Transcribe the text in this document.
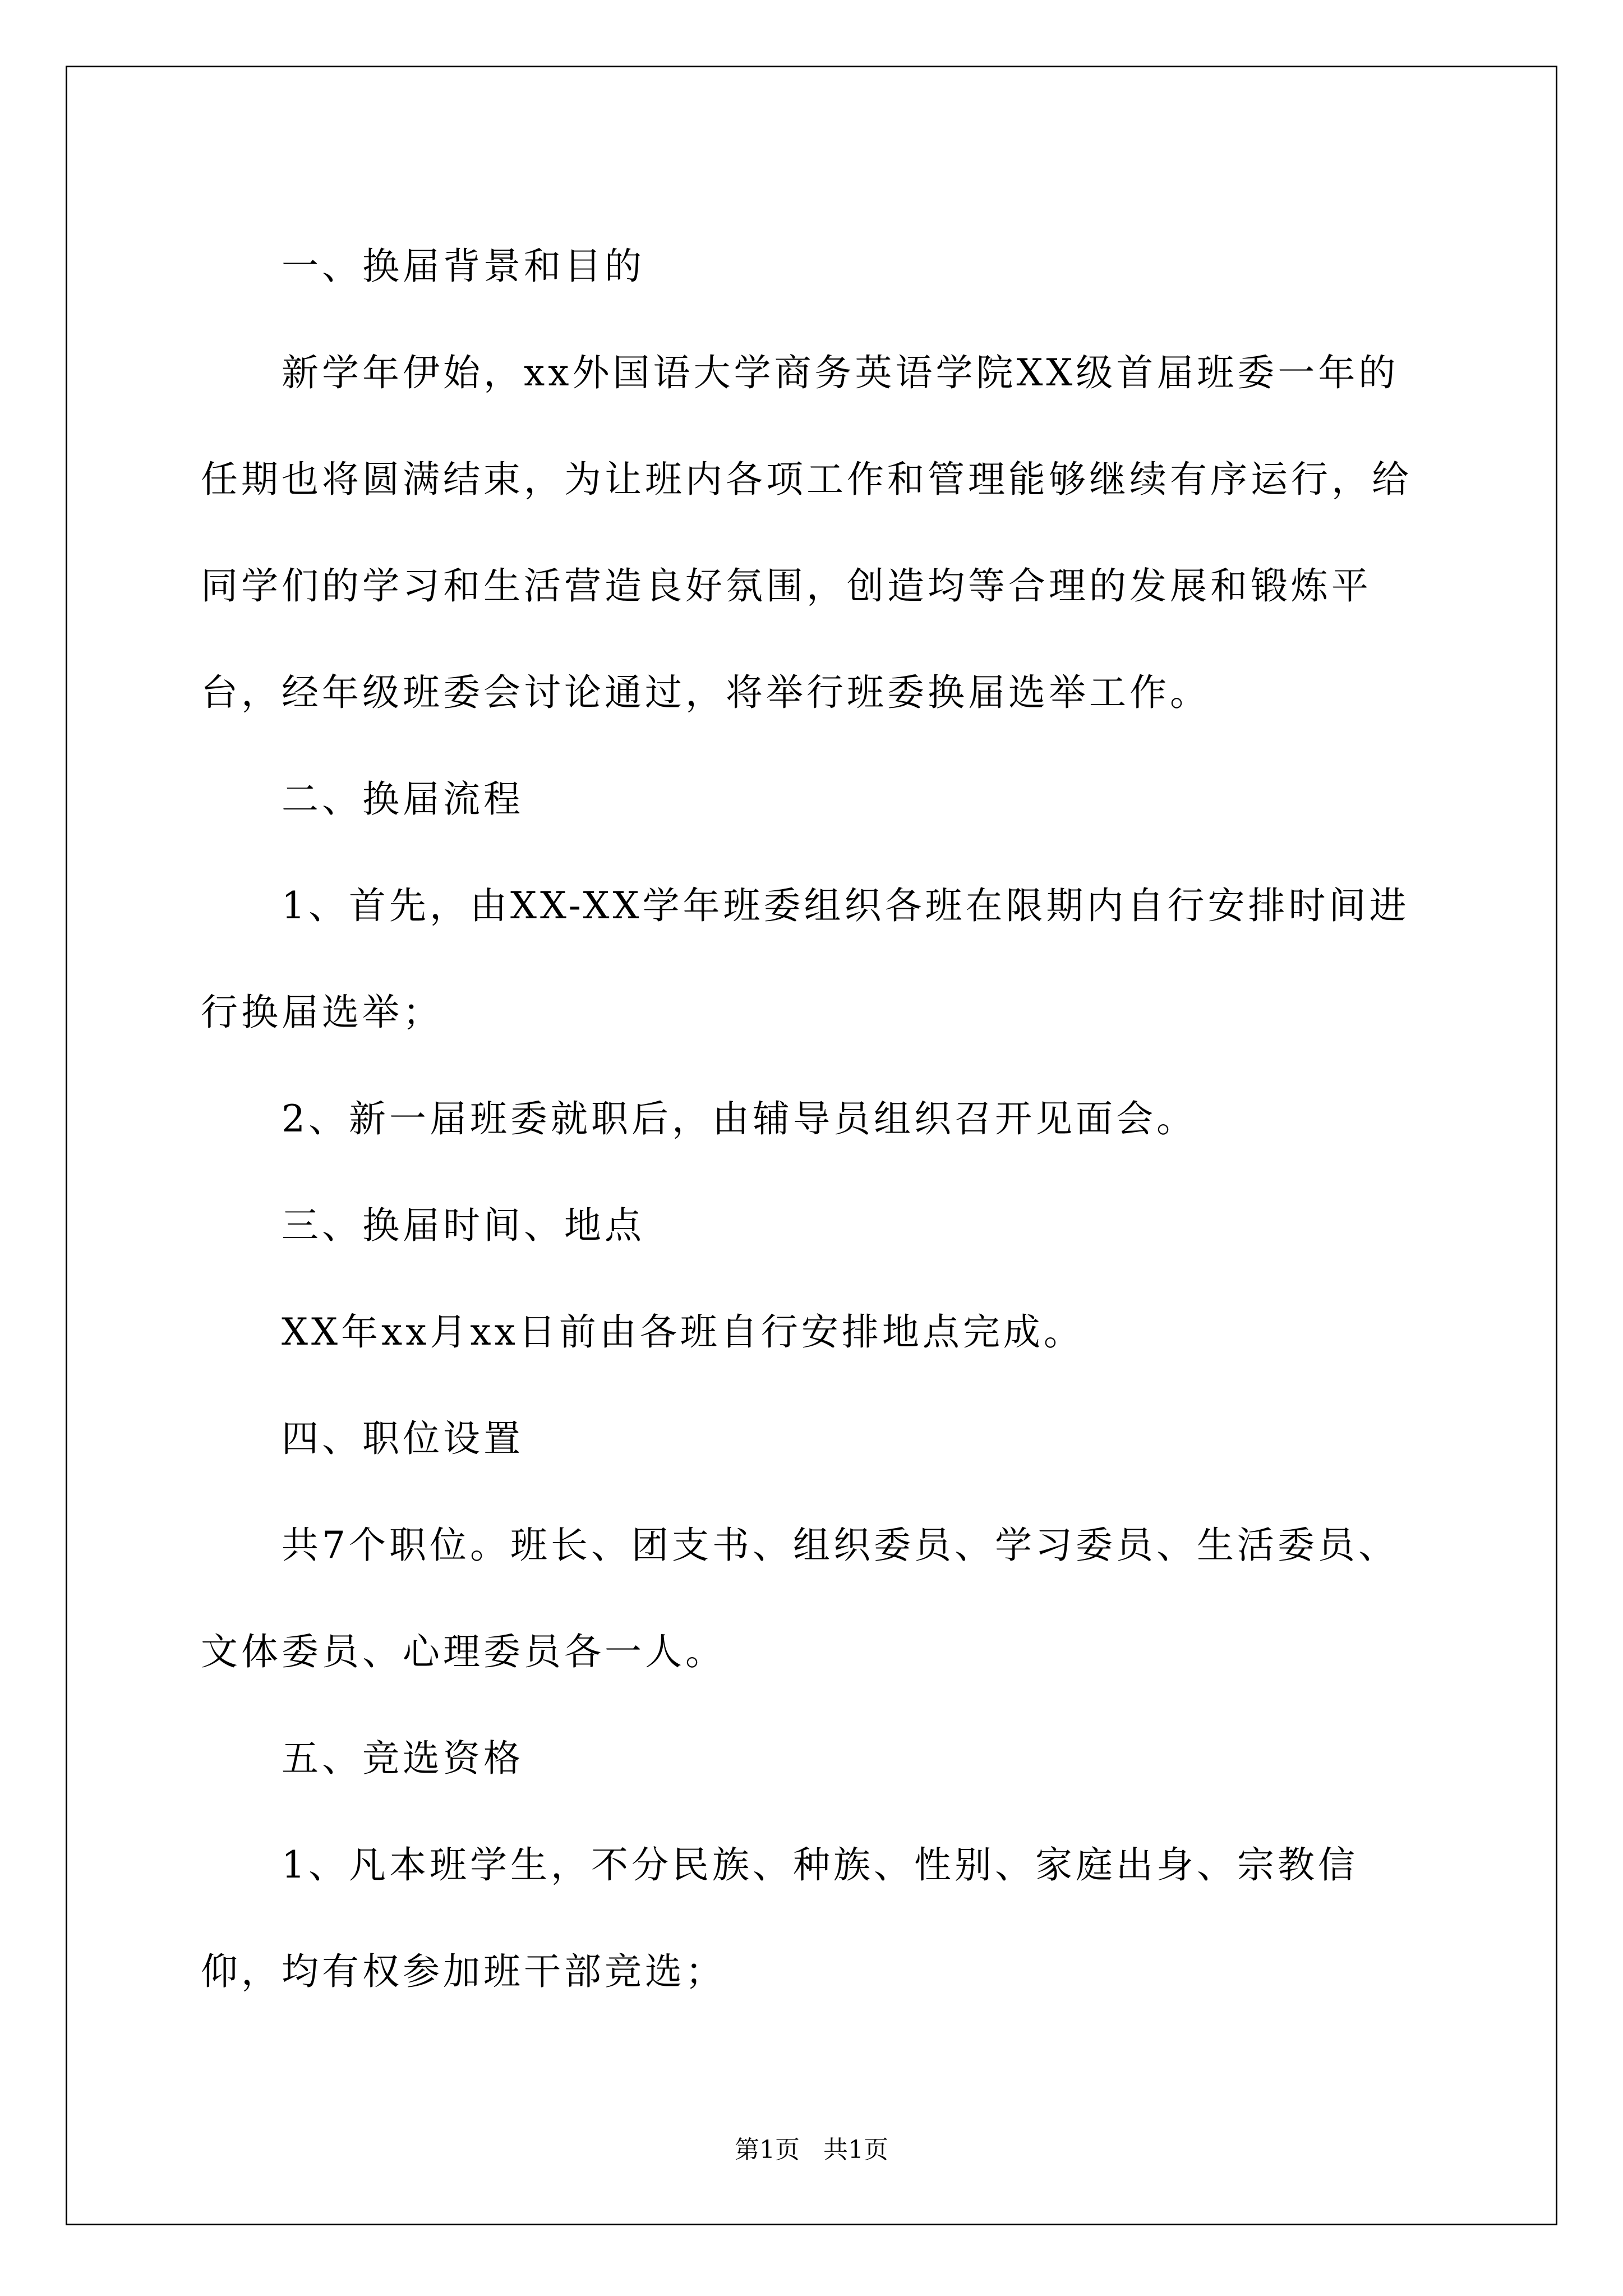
一、换届背景和目的

新学年伊始，xx外国语大学商务英语学院XX级首届班委一年的任期也将圆满结束，为让班内各项工作和管理能够继续有序运行，给同学们的学习和生活营造良好氛围，创造均等合理的发展和锻炼平台，经年级班委会讨论通过，将举行班委换届选举工作。

二、换届流程

1、首先，由XX-XX学年班委组织各班在限期内自行安排时间进行换届选举；

2、新一届班委就职后，由辅导员组织召开见面会。

三、换届时间、地点

XX年xx月xx日前由各班自行安排地点完成。

四、职位设置

共7个职位。班长、团支书、组织委员、学习委员、生活委员、文体委员、心理委员各一人。

五、竞选资格

1、凡本班学生，不分民族、种族、性别、家庭出身、宗教信仰，均有权参加班干部竞选；

第1页 共1页
